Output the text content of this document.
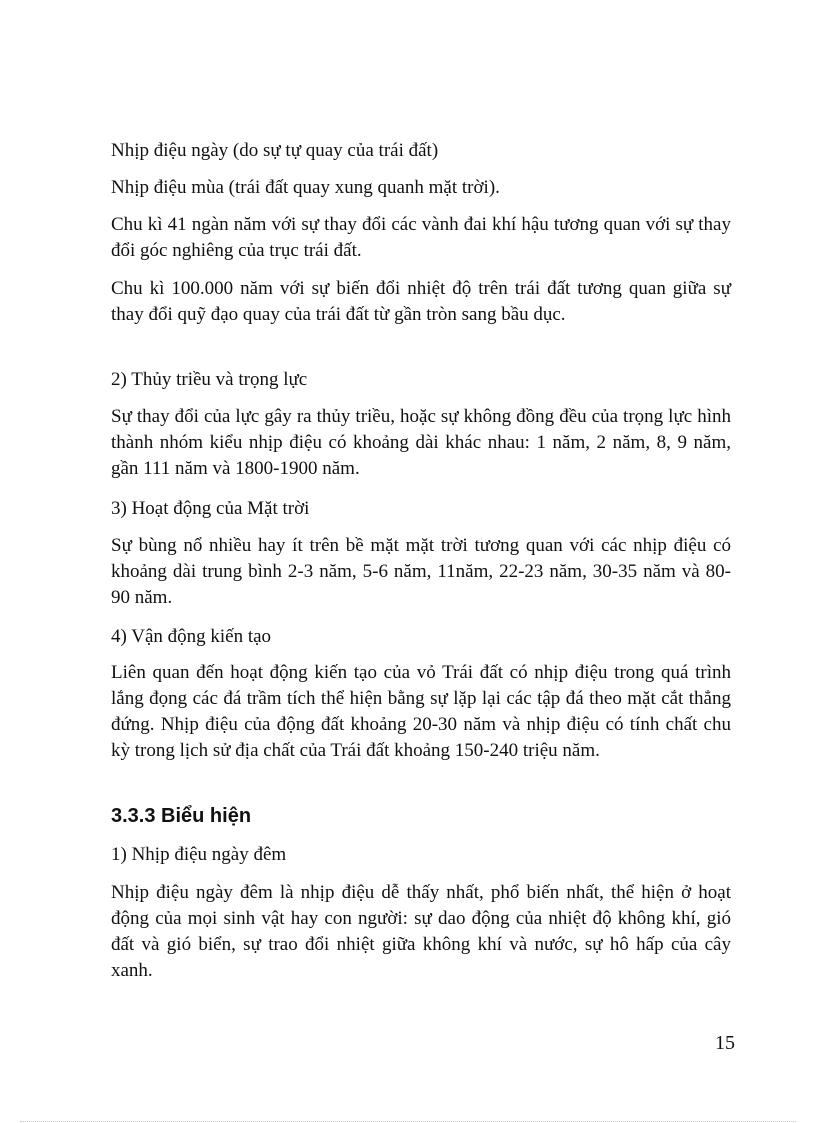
Nhịp điệu ngày (do sự tự quay của trái đất)
Nhịp điệu mùa (trái đất quay xung quanh mặt trời).
Chu kì 41 ngàn năm với sự thay đổi các vành đai khí hậu tương quan với sự thay đổi góc nghiêng của trục trái đất.
Chu kì 100.000 năm với sự biến đổi nhiệt độ trên trái đất tương quan giữa sự thay đổi quỹ đạo quay của trái đất từ gần tròn sang bầu dục.
2) Thủy triều và trọng lực
Sự thay đổi của lực gây ra thủy triều, hoặc sự không đồng đều của trọng lực hình thành nhóm kiểu nhịp điệu có khoảng dài khác nhau: 1 năm, 2 năm, 8, 9 năm, gần 111 năm và 1800-1900 năm.
3) Hoạt động của Mặt trời
Sự bùng nổ nhiều hay ít trên bề mặt mặt trời tương quan với các nhịp điệu có khoảng dài trung bình 2-3 năm, 5-6 năm, 11năm, 22-23 năm, 30-35 năm và 80-90 năm.
4) Vận động kiến tạo
Liên quan đến hoạt động kiến tạo của vỏ Trái đất có nhịp điệu trong quá trình lắng đọng các đá trầm tích thể hiện bằng sự lặp lại các tập đá theo mặt cắt thẳng đứng. Nhịp điệu của động đất khoảng 20-30 năm và nhịp điệu có tính chất chu kỳ trong lịch sử địa chất của Trái đất khoảng 150-240 triệu năm.
3.3.3 Biểu hiện
1) Nhịp điệu ngày đêm
Nhịp điệu ngày đêm là nhịp điệu dễ thấy nhất, phổ biến nhất, thể hiện ở hoạt động của mọi sinh vật hay con người: sự dao động của nhiệt độ không khí, gió đất và gió biển, sự trao đổi nhiệt giữa không khí và nước, sự hô hấp của cây xanh.
15
